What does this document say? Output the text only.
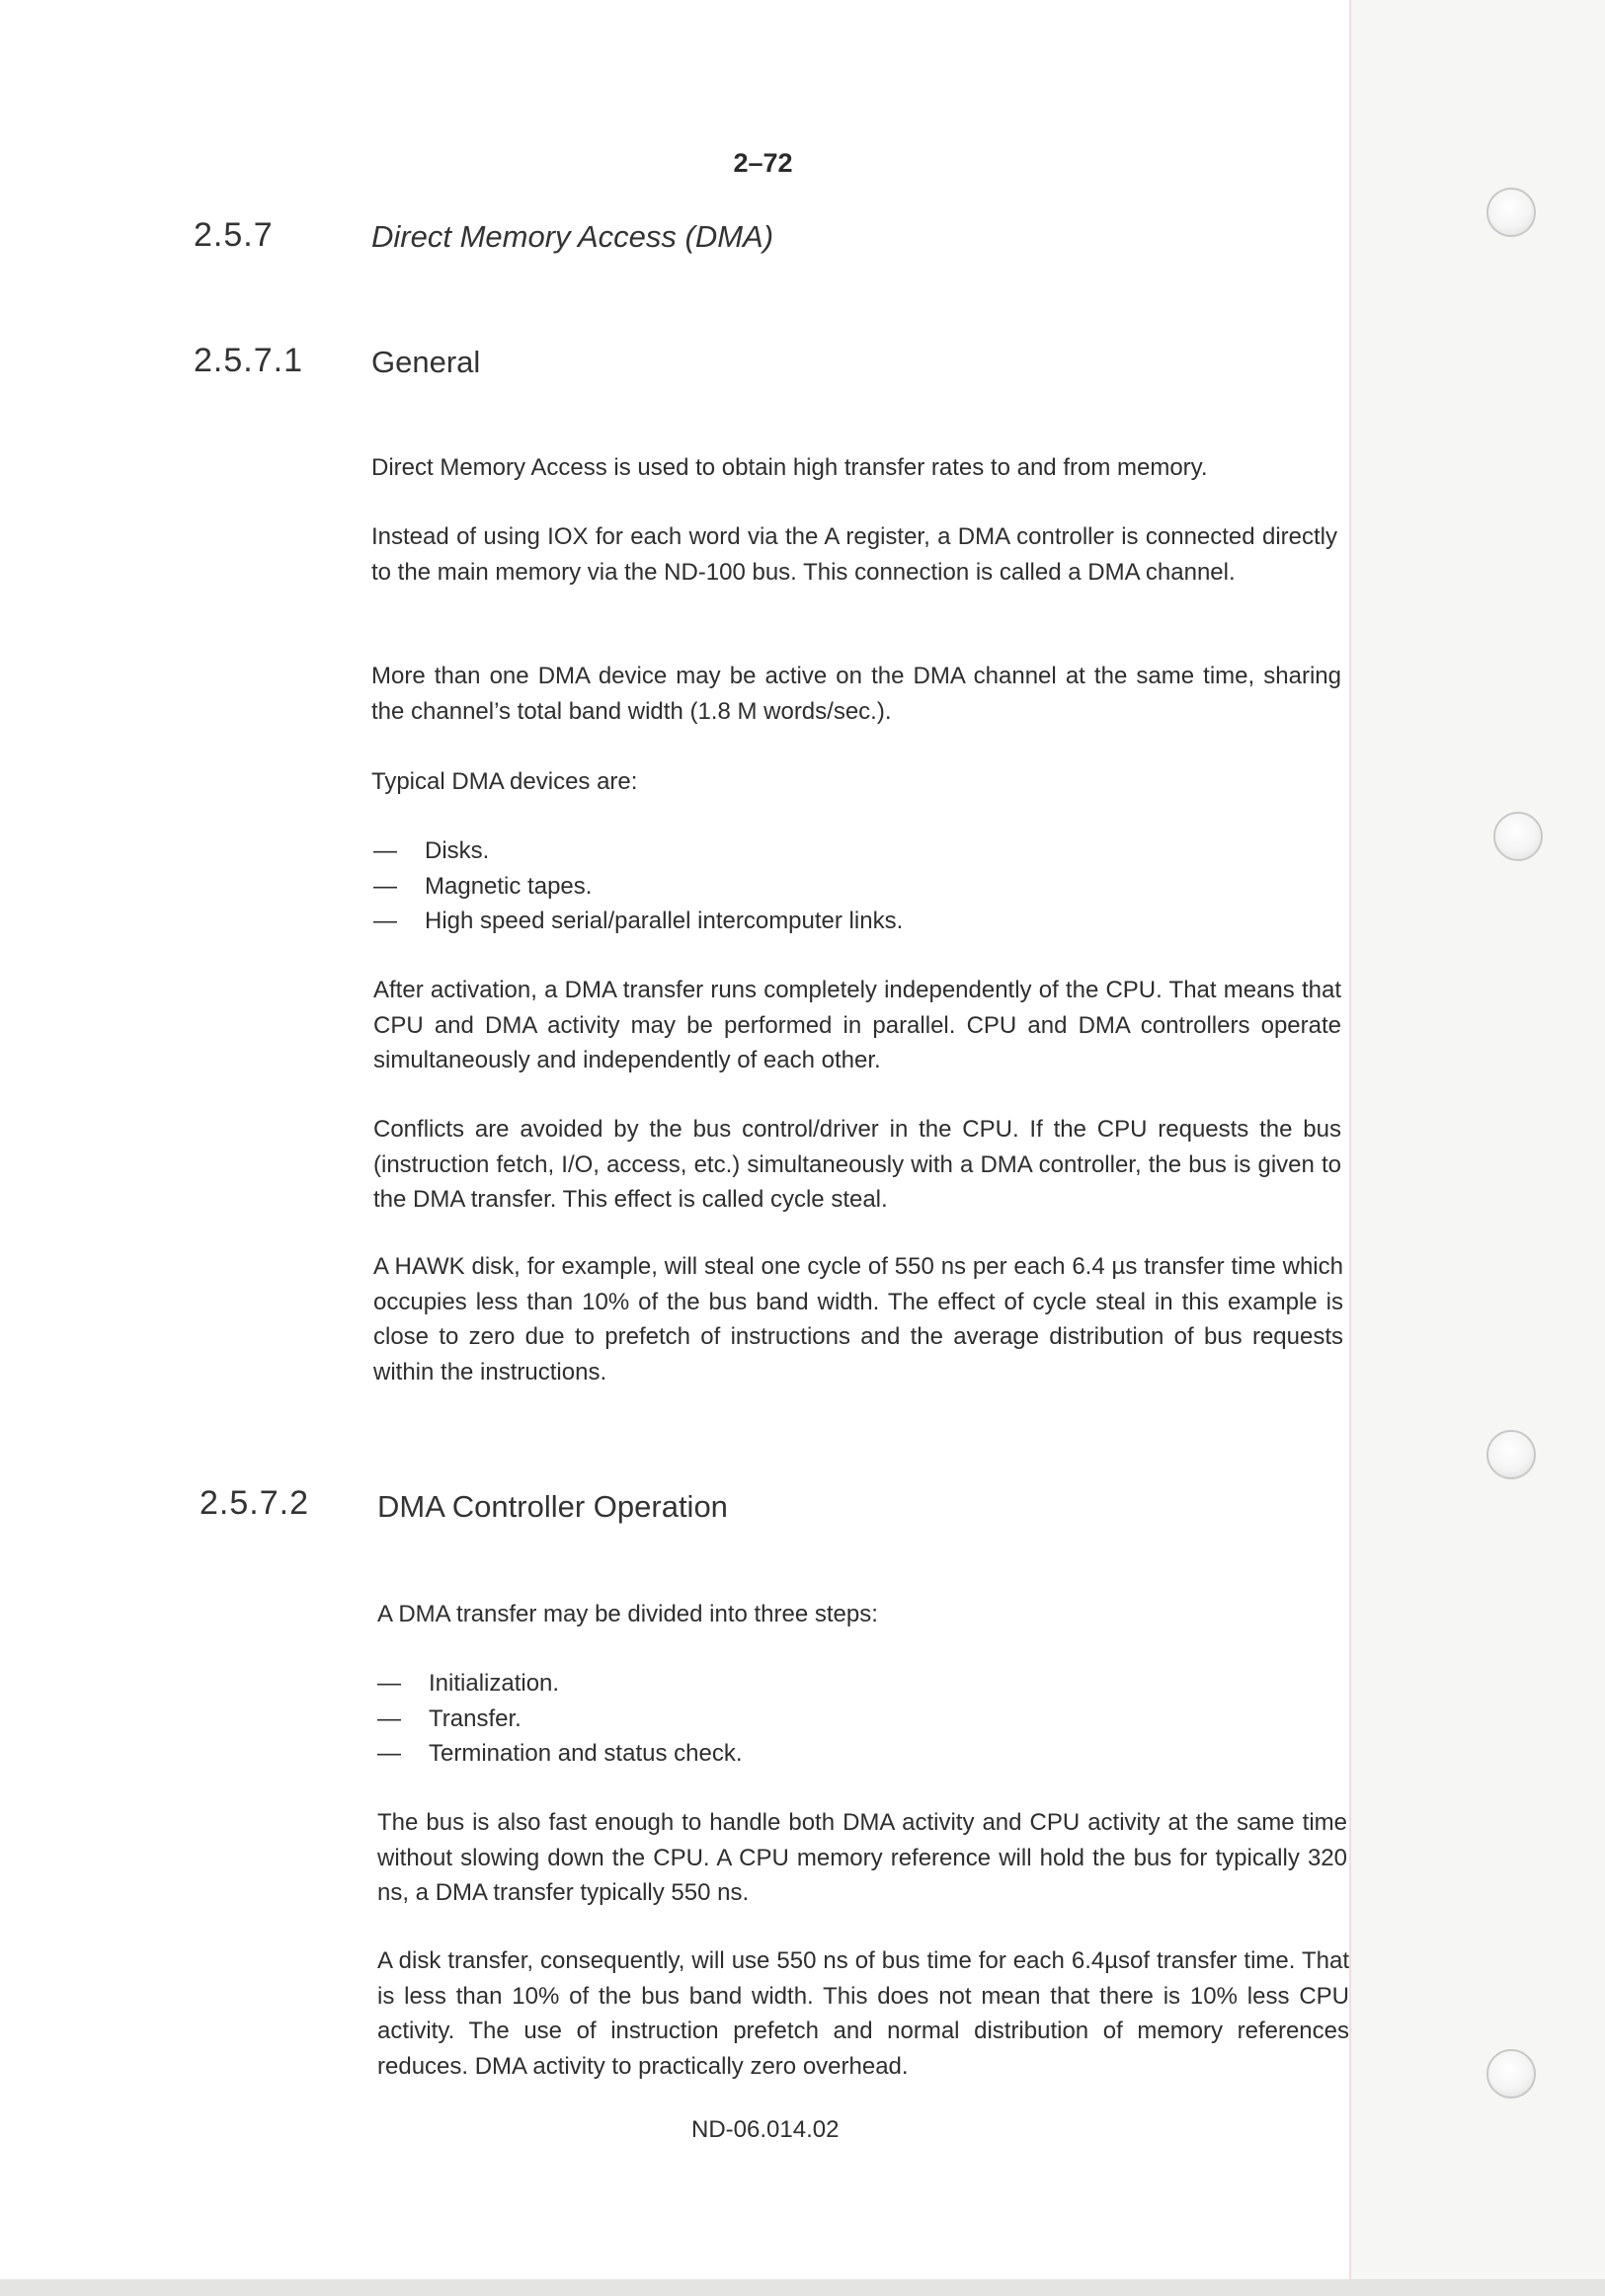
2–72
2.5.7	Direct Memory Access (DMA)
2.5.7.1 General
Direct Memory Access is used to obtain high transfer rates to and from memory.
Instead of using IOX for each word via the A register, a DMA controller is connected directly to the main memory via the ND-100 bus. This connection is called a DMA channel.
More than one DMA device may be active on the DMA channel at the same time, sharing the channel’s total band width (1.8 M words/sec.).
Typical DMA devices are:
— Disks.
— Magnetic tapes.
— High speed serial/parallel intercomputer links.
After activation, a DMA transfer runs completely independently of the CPU. That means that CPU and DMA activity may be performed in parallel. CPU and DMA controllers operate simultaneously and independently of each other.
Conflicts are avoided by the bus control/driver in the CPU. If the CPU requests the bus (instruction fetch, I/O, access, etc.) simultaneously with a DMA controller, the bus is given to the DMA transfer. This effect is called cycle steal.
A HAWK disk, for example, will steal one cycle of 550 ns per each 6.4 µs transfer time which occupies less than 10% of the bus band width. The effect of cycle steal in this example is close to zero due to prefetch of instructions and the average distribution of bus requests within the instructions.
2.5.7.2 DMA Controller Operation
A DMA transfer may be divided into three steps:
— Initialization.
— Transfer.
— Termination and status check.
The bus is also fast enough to handle both DMA activity and CPU activity at the same time without slowing down the CPU. A CPU memory reference will hold the bus for typically 320 ns, a DMA transfer typically 550 ns.
A disk transfer, consequently, will use 550 ns of bus time for each 6.4µsof transfer time. That is less than 10% of the bus band width. This does not mean that there is 10% less CPU activity. The use of instruction prefetch and normal distribution of memory references reduces. DMA activity to practically zero overhead.
ND-06.014.02
